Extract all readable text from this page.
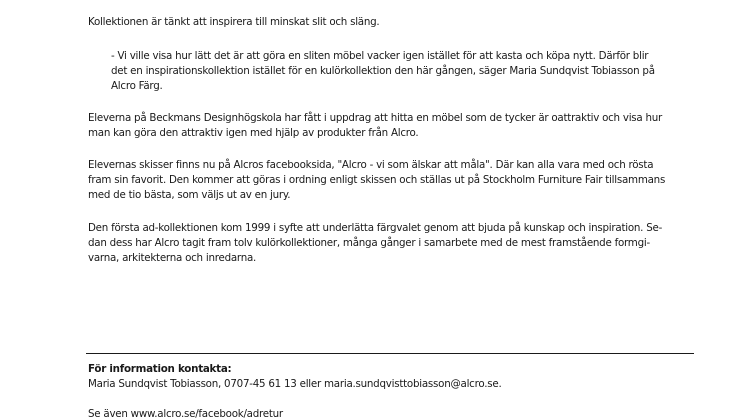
Kollektionen är tänkt att inspirera till minskat slit och släng.
- Vi ville visa hur lätt det är att göra en sliten möbel vacker igen istället för att kasta och köpa nytt. Därför blir
det en inspirationskollektion istället för en kulörkollektion den här gången, säger Maria Sundqvist Tobiasson på
Alcro Färg.
Eleverna på Beckmans Designhögskola har fått i uppdrag att hitta en möbel som de tycker är oattraktiv och visa hur
man kan göra den attraktiv igen med hjälp av produkter från Alcro.
Elevernas skisser finns nu på Alcros facebooksida, "Alcro - vi som älskar att måla". Där kan alla vara med och rösta
fram sin favorit. Den kommer att göras i ordning enligt skissen och ställas ut på Stockholm Furniture Fair tillsammans
med de tio bästa, som väljs ut av en jury.
Den första ad-kollektionen kom 1999 i syfte att underlätta färgvalet genom att bjuda på kunskap och inspiration. Se-
dan dess har Alcro tagit fram tolv kulörkollektioner, många gånger i samarbete med de mest framstående formgi-
varna, arkitekterna och inredarna.
För information kontakta:
Maria Sundqvist Tobiasson, 0707-45 61 13 eller maria.sundqvisttobiasson@alcro.se.
Se även www.alcro.se/facebook/adretur
